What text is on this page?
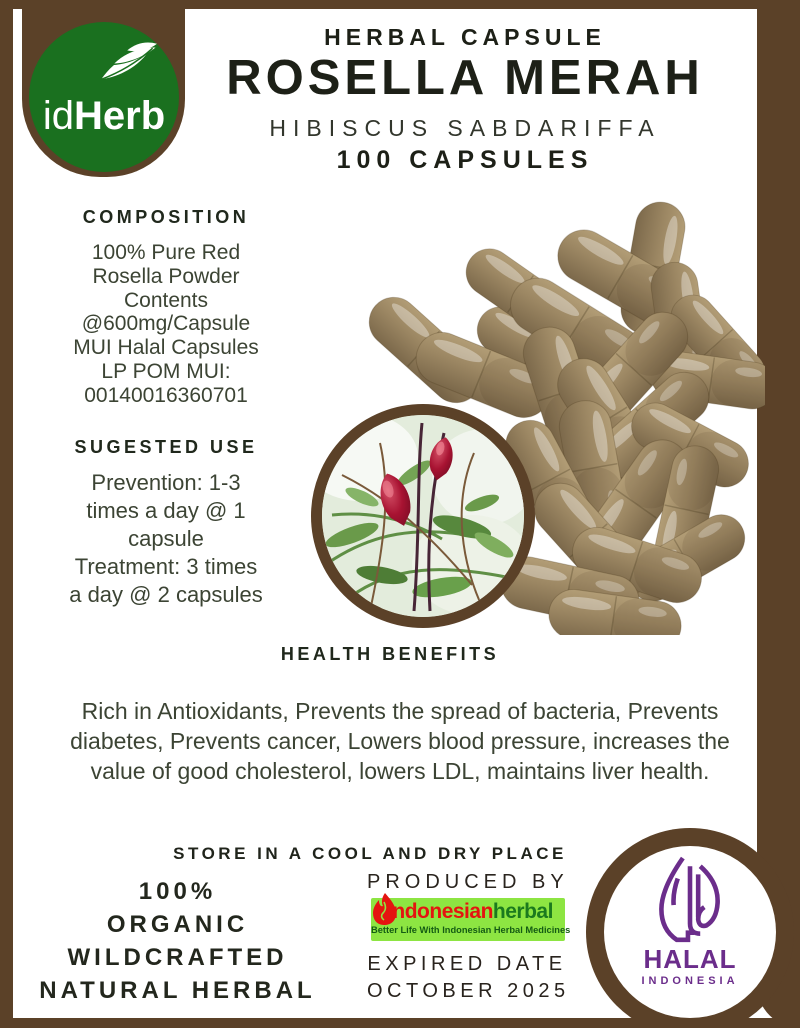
idHerb
HERBAL CAPSULE
ROSELLA MERAH
HIBISCUS SABDARIFFA
100 CAPSULES
COMPOSITION
100% Pure Red
Rosella Powder
Contents
@600mg/Capsule
MUI Halal Capsules
LP POM MUI:
00140016360701
SUGESTED USE
Prevention: 1-3
times a day @ 1
capsule
Treatment: 3 times
a day @ 2 capsules
HEALTH BENEFITS
Rich in Antioxidants, Prevents the spread of bacteria, Prevents diabetes, Prevents cancer, Lowers blood pressure, increases the value of good cholesterol, lowers LDL, maintains liver health.
STORE IN A COOL AND DRY PLACE
100%
ORGANIC
WILDCRAFTED
NATURAL HERBAL
PRODUCED BY
indonesianherbal
Better Life With Indonesian Herbal Medicines
EXPIRED DATE
OCTOBER 2025
HALAL
INDONESIA
